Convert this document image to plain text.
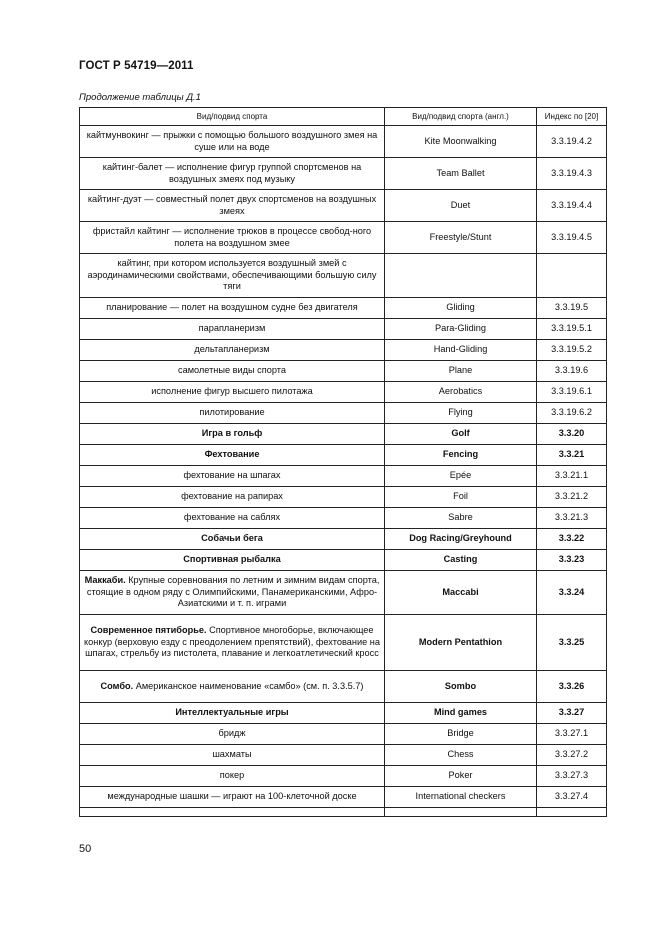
ГОСТ Р 54719—2011
Продолжение таблицы Д.1
Вид/подвид спорта	Вид/подвид спорта (англ.)	Индекс по [20]
кайтмунвокинг — прыжки с помощью большого воздушного змея на суше или на воде	Kite Moonwalking	3.3.19.4.2
кайтинг-балет — исполнение фигур группой спортсменов на воздушных змеях под музыку	Team Ballet	3.3.19.4.3
кайтинг-дуэт — совместный полет двух спортсменов на воздушных змеях	Duet	3.3.19.4.4
фристайл кайтинг — исполнение трюков в процессе свобод-ного полета на воздушном змее	Freestyle/Stunt	3.3.19.4.5
кайтинг, при котором используется воздушный змей с аэродинамическими свойствами, обеспечивающими большую силу тяги		
планирование — полет на воздушном судне без двигателя	Gliding	3.3.19.5
парапланеризм	Para-Gliding	3.3.19.5.1
дельтапланеризм	Hand-Gliding	3.3.19.5.2
самолетные виды спорта	Plane	3.3.19.6
исполнение фигур высшего пилотажа	Aerobatics	3.3.19.6.1
пилотирование	Flying	3.3.19.6.2
Игра в гольф	Golf	3.3.20
Фехтование	Fencing	3.3.21
фехтование на шпагах	Epée	3.3.21.1
фехтование на рапирах	Foil	3.3.21.2
фехтование на саблях	Sabre	3.3.21.3
Собачьи бега	Dog Racing/Greyhound	3.3.22
Спортивная рыбалка	Casting	3.3.23
Маккаби. Крупные соревнования по летним и зимним видам спорта, стоящие в одном ряду с Олимпийскими, Панамериканскими, Афро-Азиатскими и т. п. играми	Maccabi	3.3.24
Современное пятиборье. Спортивное многоборье, включающее конкур (верховую езду с преодолением препятствий), фехтование на шпагах, стрельбу из пистолета, плавание и легкоатлетический кросс	Modern Pentathion	3.3.25
Сомбо. Американское наименование «самбо» (см. п. 3.3.5.7)	Sombo	3.3.26
Интеллектуальные игры	Mind games	3.3.27
бридж	Bridge	3.3.27.1
шахматы	Chess	3.3.27.2
покер	Poker	3.3.27.3
международные шашки — играют на 100-клеточной доске	International checkers	3.3.27.4

50
